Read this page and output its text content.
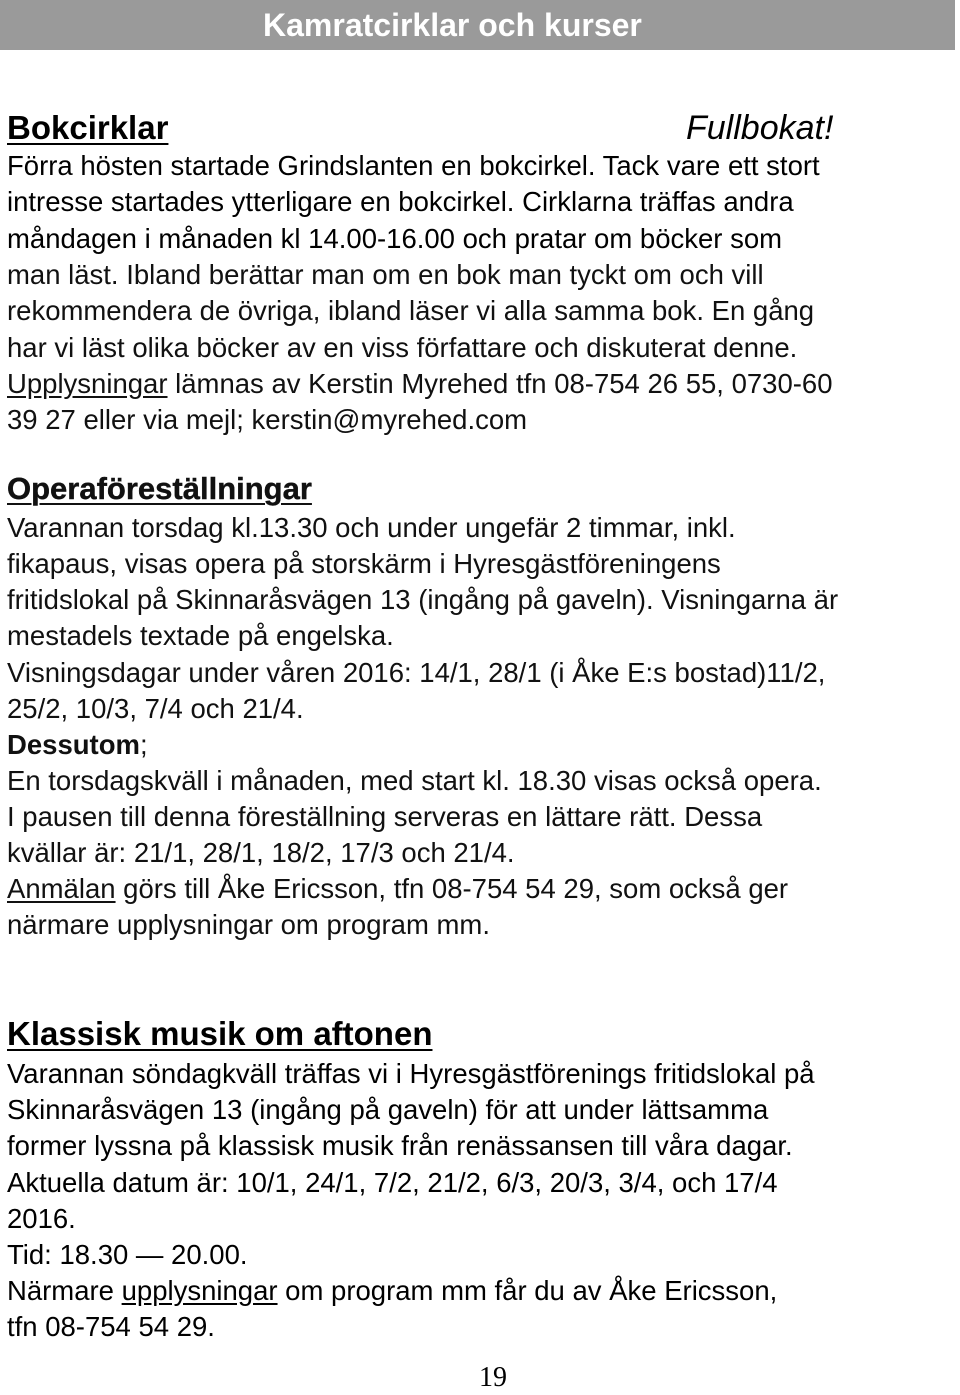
Kamratcirklar och kurser
Bokcirklar	Fullbokat!
Förra hösten startade Grindslanten en bokcirkel. Tack vare ett stort
intresse startades ytterligare en bokcirkel. Cirklarna träffas andra
måndagen i månaden kl 14.00-16.00 och pratar om böcker som
man läst. Ibland berättar man om en bok man tyckt om och vill
rekommendera de övriga, ibland läser vi alla samma bok. En gång
har vi läst olika böcker av en viss författare och diskuterat denne.
Upplysningar lämnas av Kerstin Myrehed tfn 08-754 26 55, 0730-60
39 27 eller via mejl; kerstin@myrehed.com
Operaföreställningar
Varannan torsdag kl.13.30 och under ungefär 2 timmar, inkl.
fikapaus, visas opera på storskärm i Hyresgästföreningens
fritidslokal på Skinnaråsvägen 13 (ingång på gaveln). Visningarna är
mestadels textade på engelska.
Visningsdagar under våren 2016: 14/1, 28/1 (i Åke E:s bostad)11/2,
25/2, 10/3, 7/4 och 21/4.
Dessutom;
En torsdagskväll i månaden, med start kl. 18.30 visas också opera.
I pausen till denna föreställning serveras en lättare rätt. Dessa
kvällar är: 21/1, 28/1, 18/2, 17/3 och 21/4.
Anmälan görs till Åke Ericsson, tfn 08-754 54 29, som också ger
närmare upplysningar om program mm.
Klassisk musik om aftonen
Varannan söndagkväll träffas vi i Hyresgästförenings fritidslokal på
Skinnaråsvägen 13 (ingång på gaveln) för att under lättsamma
former lyssna på klassisk musik från renässansen till våra dagar.
Aktuella datum är: 10/1, 24/1, 7/2, 21/2, 6/3, 20/3, 3/4, och 17/4
2016.
Tid: 18.30 — 20.00.
Närmare upplysningar om program mm får du av Åke Ericsson,
tfn 08-754 54 29.
19
